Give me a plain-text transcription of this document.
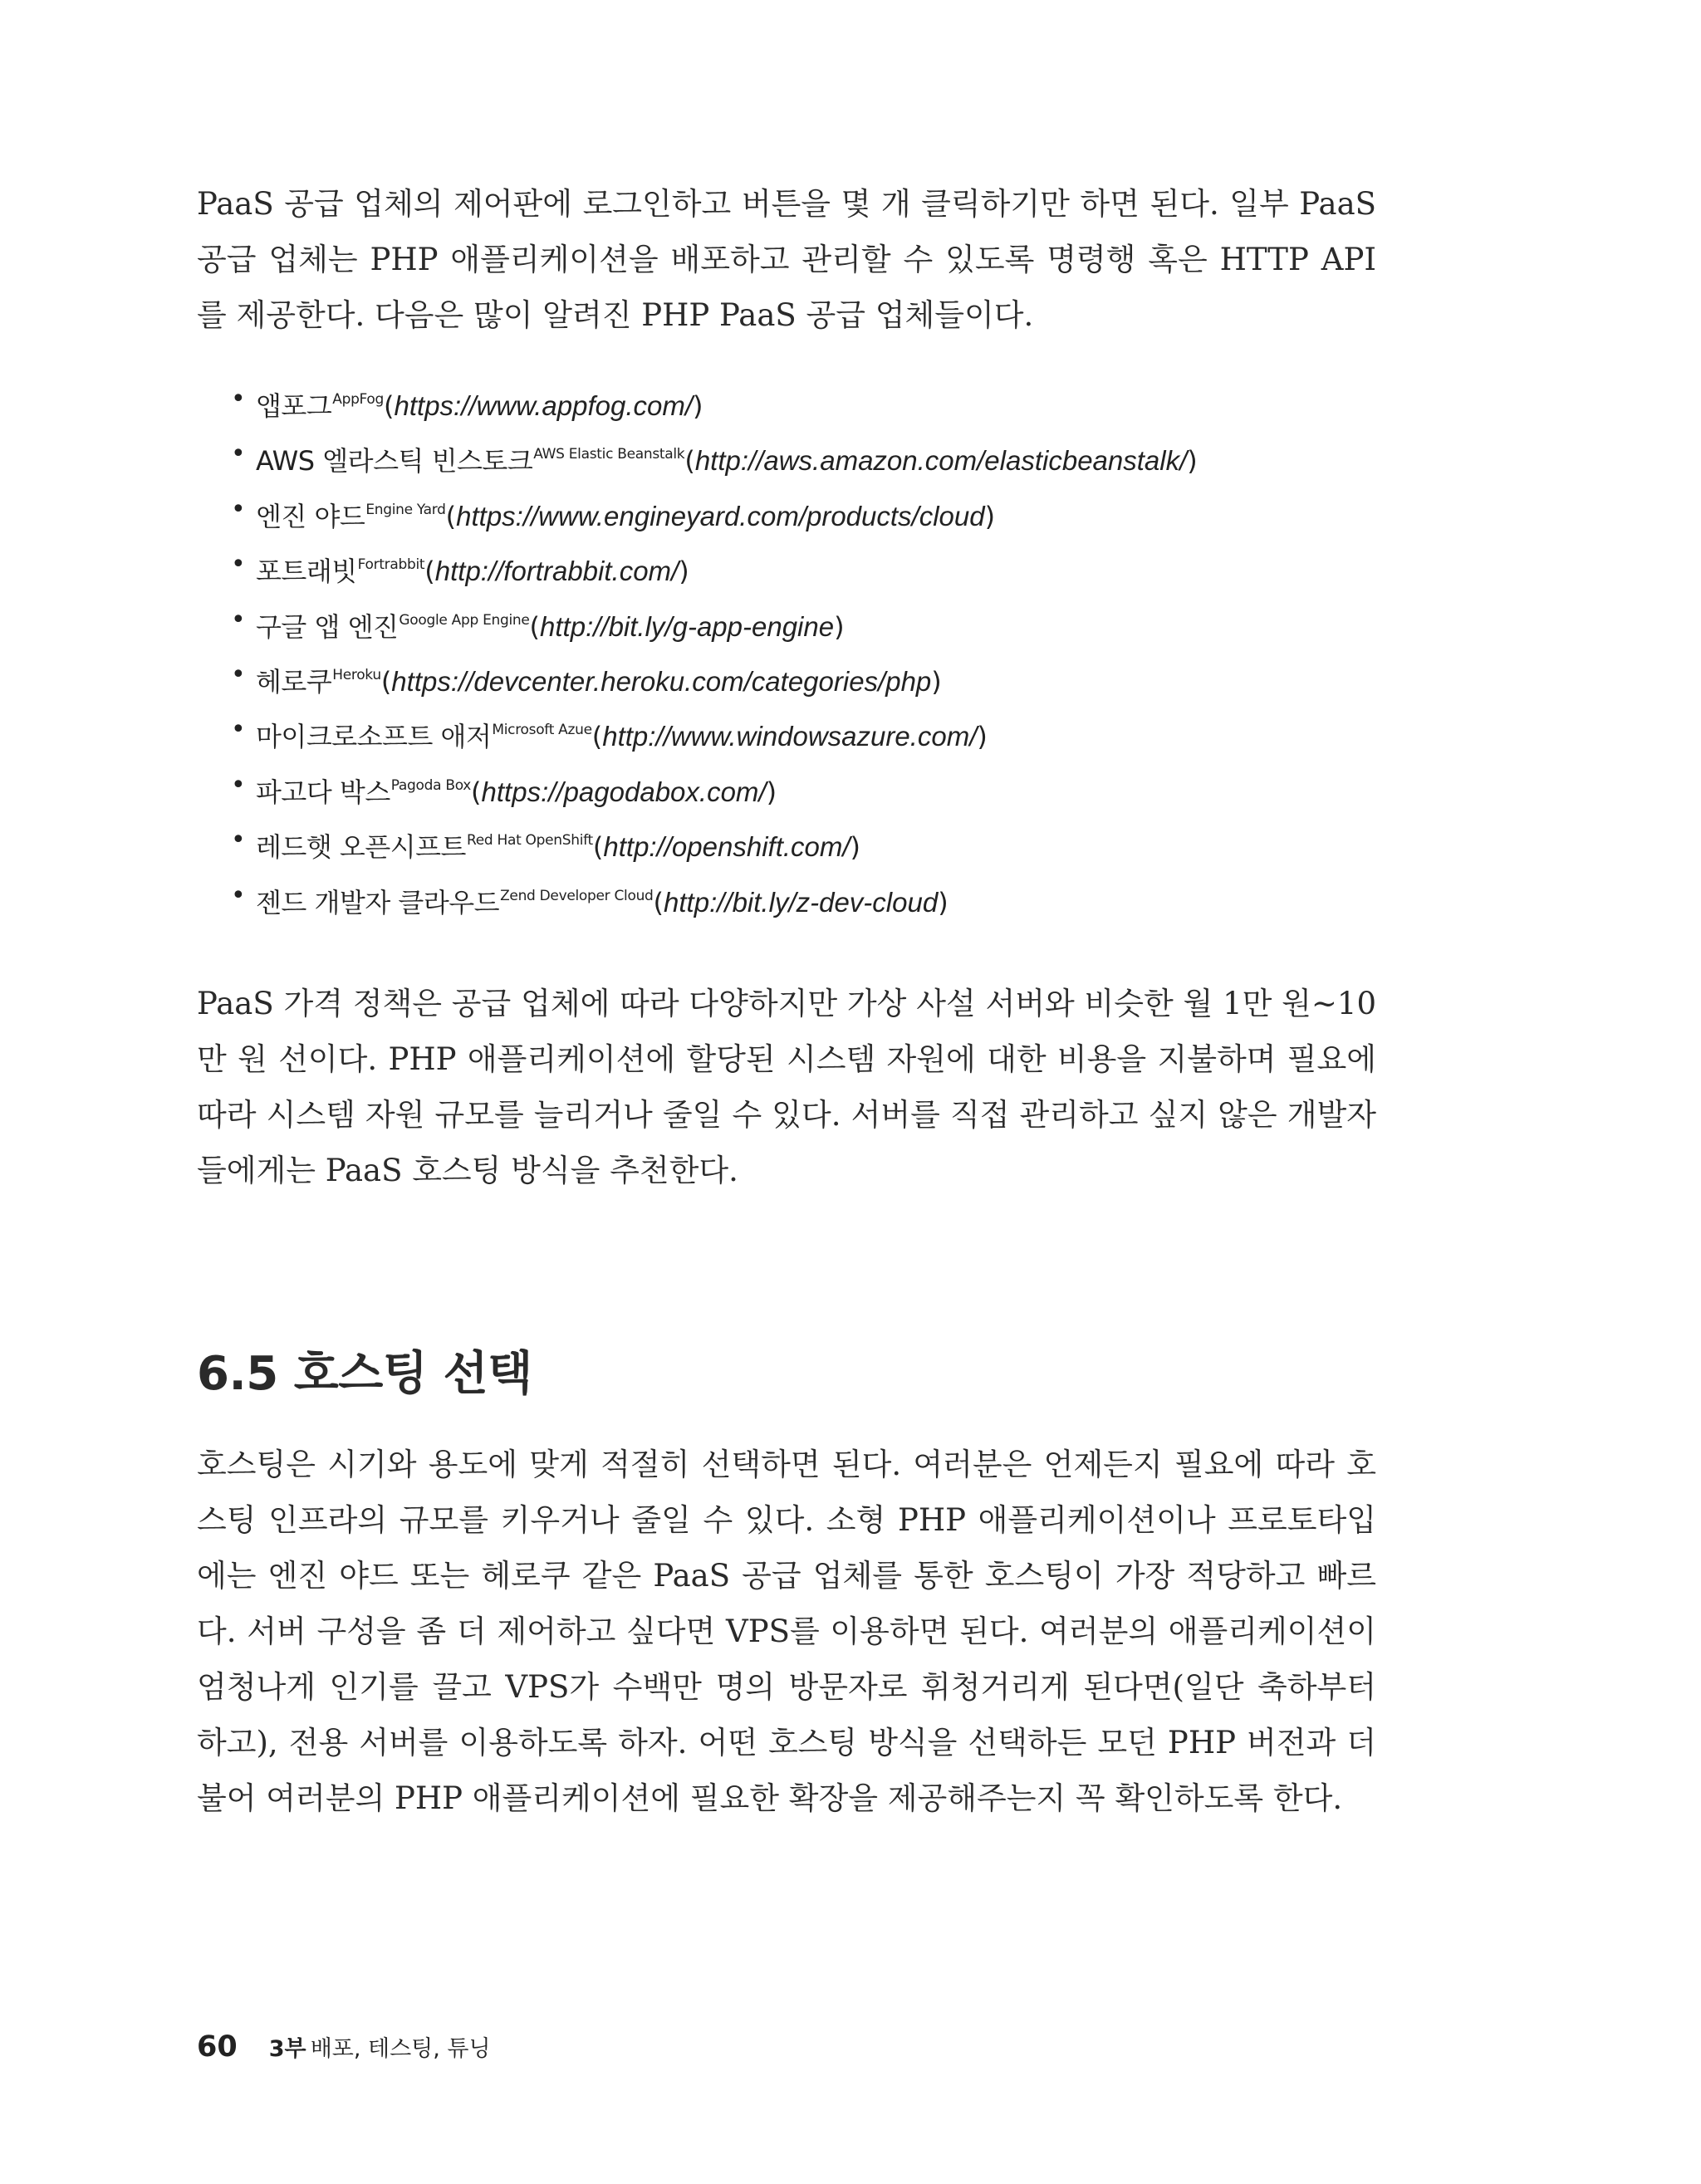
PaaS 공급 업체의 제어판에 로그인하고 버튼을 몇 개 클릭하기만 하면 된다. 일부 PaaS 공급 업체는 PHP 애플리케이션을 배포하고 관리할 수 있도록 명령행 혹은 HTTP API를 제공한다. 다음은 많이 알려진 PHP PaaS 공급 업체들이다.

• 앱포그$^{AppFog}$(https://www.appfog.com/)
• AWS 엘라스틱 빈스토크$^{AWS Elastic Beanstalk}$(http://aws.amazon.com/elasticbeanstalk/)
• 엔진 야드$^{Engine Yard}$(https://www.engineyard.com/products/cloud)
• 포트래빗$^{Fortrabbit}$(http://fortrabbit.com/)
• 구글 앱 엔진$^{Google App Engine}$(http://bit.ly/g-app-engine)
• 헤로쿠$^{Heroku}$(https://devcenter.heroku.com/categories/php)
• 마이크로소프트 애저$^{Microsoft Azue}$(http://www.windowsazure.com/)
• 파고다 박스$^{Pagoda Box}$(https://pagodabox.com/)
• 레드햇 오픈시프트$^{Red Hat OpenShift}$(http://openshift.com/)
• 젠드 개발자 클라우드$^{Zend Developer Cloud}$(http://bit.ly/z-dev-cloud)

PaaS 가격 정책은 공급 업체에 따라 다양하지만 가상 사설 서버와 비슷한 월 1만 원~10만 원 선이다. PHP 애플리케이션에 할당된 시스템 자원에 대한 비용을 지불하며 필요에 따라 시스템 자원 규모를 늘리거나 줄일 수 있다. 서버를 직접 관리하고 싶지 않은 개발자들에게는 PaaS 호스팅 방식을 추천한다.

6.5 호스팅 선택

호스팅은 시기와 용도에 맞게 적절히 선택하면 된다. 여러분은 언제든지 필요에 따라 호스팅 인프라의 규모를 키우거나 줄일 수 있다. 소형 PHP 애플리케이션이나 프로토타입에는 엔진 야드 또는 헤로쿠 같은 PaaS 공급 업체를 통한 호스팅이 가장 적당하고 빠르다. 서버 구성을 좀 더 제어하고 싶다면 VPS를 이용하면 된다. 여러분의 애플리케이션이 엄청나게 인기를 끌고 VPS가 수백만 명의 방문자로 휘청거리게 된다면(일단 축하부터 하고), 전용 서버를 이용하도록 하자. 어떤 호스팅 방식을 선택하든 모던 PHP 버전과 더불어 여러분의 PHP 애플리케이션에 필요한 확장을 제공해주는지 꼭 확인하도록 한다.

60 3부 배포, 테스팅, 튜닝
